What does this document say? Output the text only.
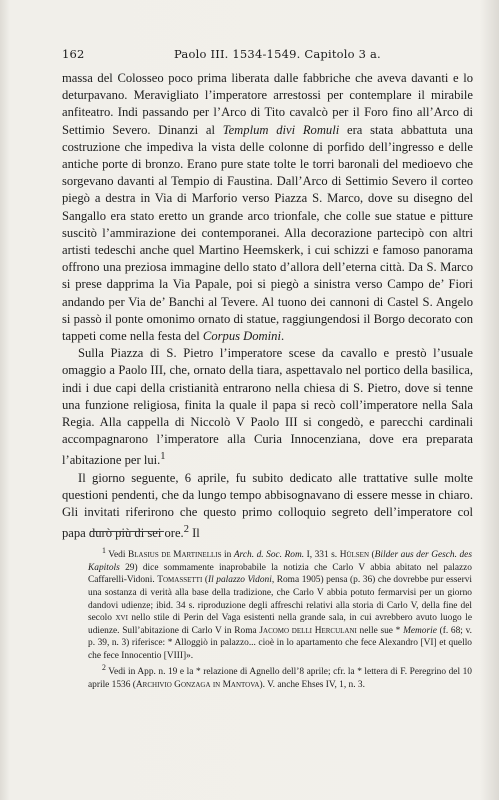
162	Paolo III. 1534-1549. Capitolo 3 a.

massa del Colosseo poco prima liberata dalle fabbriche che aveva davanti e lo deturpavano. Meravigliato l’imperatore arrestossi per contemplare il mirabile anfiteatro. Indi passando per l’Arco di Tito cavalcò per il Foro fino all’Arco di Settimio Severo. Dinanzi al Templum divi Romuli era stata abbattuta una costruzione che impediva la vista delle colonne di porfido dell’ingresso e delle antiche porte di bronzo. Erano pure state tolte le torri baronali del medioevo che sorgevano davanti al Tempio di Faustina. Dall’Arco di Settimio Severo il corteo piegò a destra in Via di Marforio verso Piazza S. Marco, dove su disegno del Sangallo era stato eretto un grande arco trionfale, che colle sue statue e pitture suscitò l’ammirazione dei contemporanei. Alla decorazione partecipò con altri artisti tedeschi anche quel Martino Heemskerk, i cui schizzi e famoso panorama offrono una preziosa immagine dello stato d’allora dell’eterna città. Da S. Marco si prese dapprima la Via Papale, poi si piegò a sinistra verso Campo de’ Fiori andando per Via de’ Banchi al Tevere. Al tuono dei cannoni di Castel S. Angelo si passò il ponte omonimo ornato di statue, raggiungendosi il Borgo decorato con tappeti come nella festa del Corpus Domini.

Sulla Piazza di S. Pietro l’imperatore scese da cavallo e prestò l’usuale omaggio a Paolo III, che, ornato della tiara, aspettavalo nel portico della basilica, indi i due capi della cristianità entrarono nella chiesa di S. Pietro, dove si tenne una funzione religiosa, finita la quale il papa si recò coll’imperatore nella Sala Regia. Alla cappella di Niccolò V Paolo III si congedò, e parecchi cardinali accompagnarono l’imperatore alla Curia Innocenziana, dove era preparata l’abitazione per lui.$^1$

Il giorno seguente, 6 aprile, fu subito dedicato alle trattative sulle molte questioni pendenti, che da lungo tempo abbisognavano di essere messe in chiaro. Gli invitati riferirono che questo primo colloquio segreto dell’imperatore col papa durò più di sei ore.$^2$ Il

$^1$ Vedi Blasius de Martinellis in Arch. d. Soc. Rom. I, 331 s. Hülsen (Bilder aus der Gesch. des Kapitols 29) dice sommamente inaprobabile la notizia che Carlo V abbia abitato nel palazzo Caffarelli-Vidoni. Tomassetti (Il palazzo Vidoni, Roma 1905) pensa (p. 36) che dovrebbe pur esservi una sostanza di verità alla base della tradizione, che Carlo V abbia potuto fermarvisi per un giorno dandovi udienze; ibid. 34 s. riproduzione degli affreschi relativi alla storia di Carlo V, della fine del secolo xvi nello stile di Perin del Vaga esistenti nella grande sala, in cui avrebbero avuto luogo le udienze. Sull’abitazione di Carlo V in Roma Jacomo delli Herculani nelle sue * Memorie (f. 68; v. p. 39, n. 3) riferisce: * Alloggiò in palazzo... cioè in lo apartamento che fece Alexandro [VI] et quello che fece Innocentio [VIII]».

$^2$ Vedi in App. n. 19 e la * relazione di Agnello dell’8 aprile; cfr. la * lettera di F. Peregrino del 10 aprile 1536 (Archivio Gonzaga in Mantova). V. anche Ehses IV, 1, n. 3.
